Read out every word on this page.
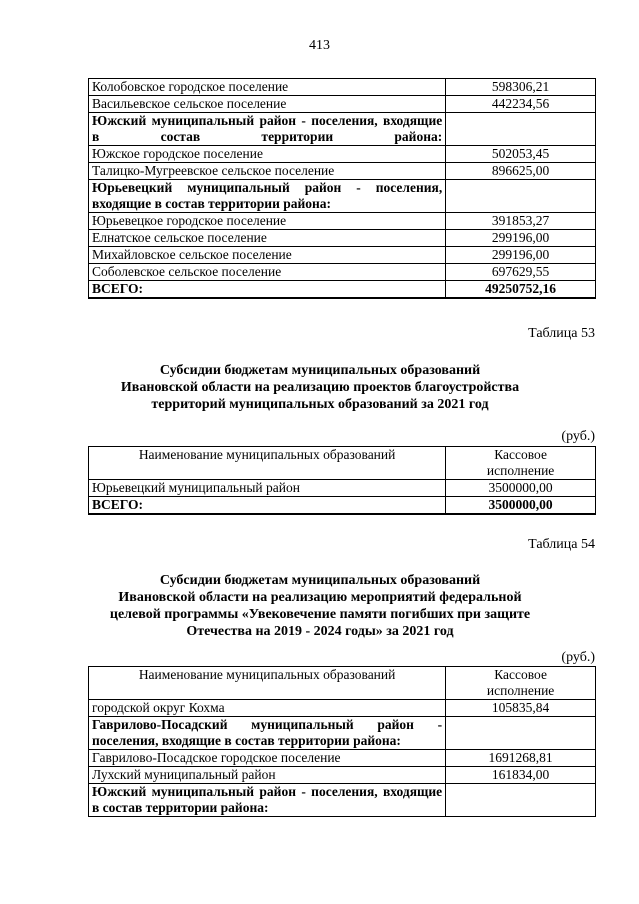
413
Колобовское городское поселение	598306,21
Васильевское сельское поселение	442234,56

Южский муниципальный район - поселения, входящие в состав территории района:	

Южское городское поселение	502053,45
Талицко-Мугреевское сельское поселение	896625,00

Юрьевецкий муниципальный район - поселения, входящие в состав территории района:	

Юрьевецкое городское поселение	391853,27
Елнатское сельское поселение	299196,00
Михайловское сельское поселение	299196,00
Соболевское сельское поселение	697629,55
ВСЕГО:	49250752,16
Таблица 53
Субсидии бюджетам муниципальных образований
Ивановской области на реализацию проектов благоустройства
территорий муниципальных образований за 2021 год
(руб.)
Наименование муниципальных образований	Кассовое исполнение
Юрьевецкий муниципальный район	3500000,00
ВСЕГО:	3500000,00
Таблица 54
Субсидии бюджетам муниципальных образований
Ивановской области на реализацию мероприятий федеральной
целевой программы «Увековечение памяти погибших при защите
Отечества на 2019 - 2024 годы» за 2021 год
(руб.)
Наименование муниципальных образований	Кассовое исполнение
городской округ Кохма	105835,84

Гаврилово-Посадский муниципальный район - поселения, входящие в состав территории района:	

Гаврилово-Посадское городское поселение	1691268,81
Лухский муниципальный район	161834,00

Южский муниципальный район - поселения, входящие в состав территории района:	
